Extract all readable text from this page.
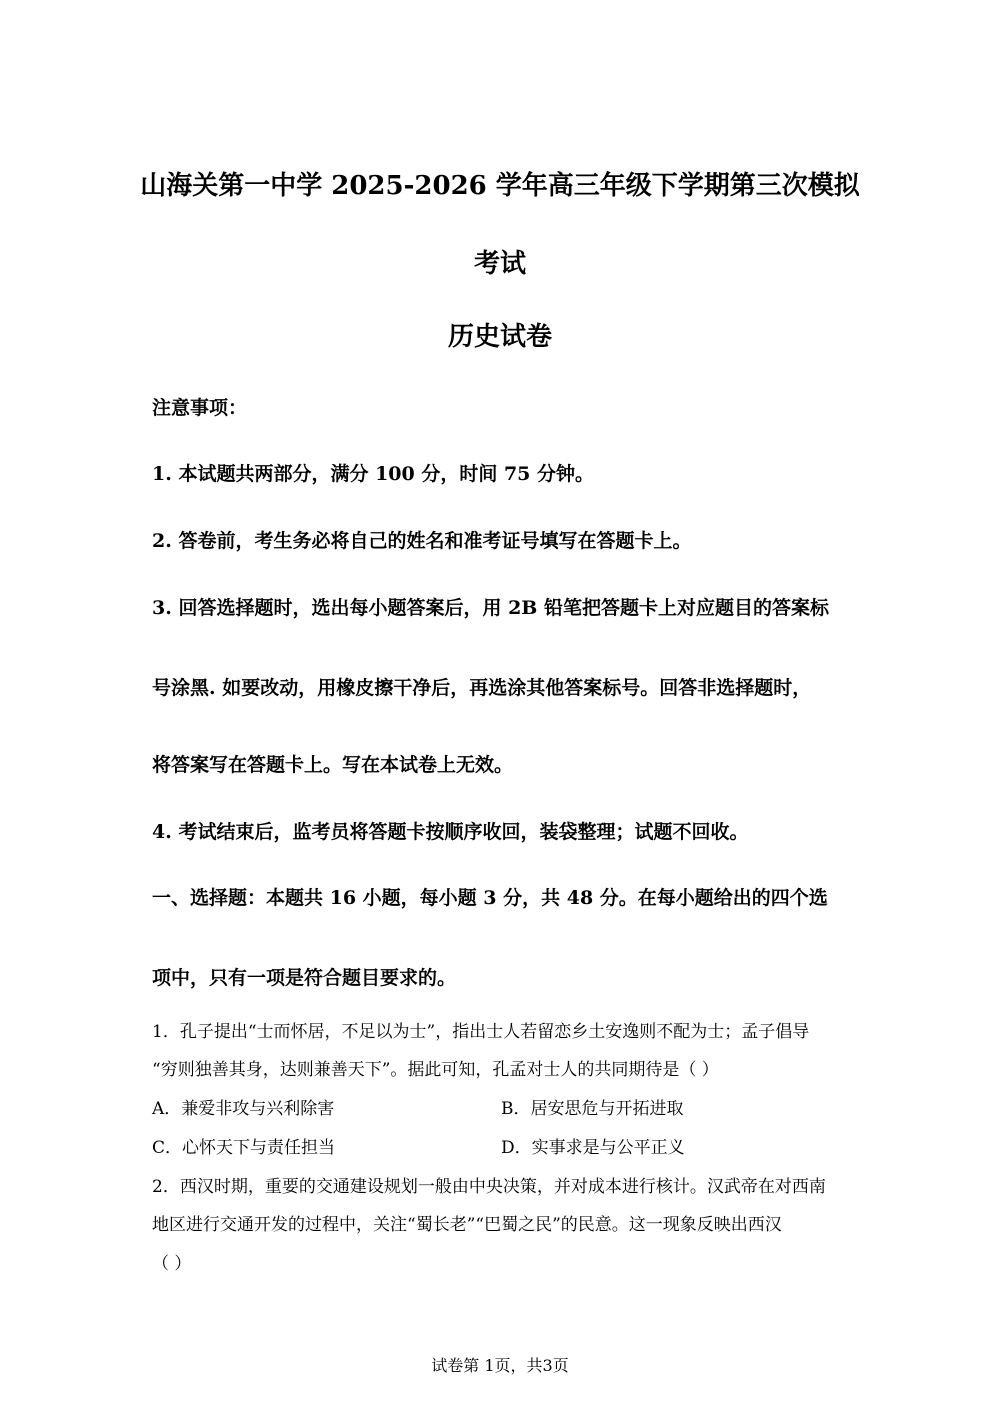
山海关第一中学 2025-2026 学年高三年级下学期第三次模拟
考试
历史试卷
注意事项：
1. 本试题共两部分，满分 100 分，时间 75 分钟。
2. 答卷前，考生务必将自己的姓名和准考证号填写在答题卡上。
3. 回答选择题时，选出每小题答案后，用 2B 铅笔把答题卡上对应题目的答案标
号涂黑. 如要改动，用橡皮擦干净后，再选涂其他答案标号。回答非选择题时，
将答案写在答题卡上。写在本试卷上无效。
4. 考试结束后，监考员将答题卡按顺序收回，装袋整理；试题不回收。
一、选择题：本题共 16 小题，每小题 3 分，共 48 分。在每小题给出的四个选
项中，只有一项是符合题目要求的。
1．孔子提出“士而怀居，不足以为士”，指出士人若留恋乡土安逸则不配为士；孟子倡导
“穷则独善其身，达则兼善天下”。据此可知，孔孟对士人的共同期待是（ ）
A．兼爱非攻与兴利除害	B．居安思危与开拓进取
C．心怀天下与责任担当	D．实事求是与公平正义
2．西汉时期，重要的交通建设规划一般由中央决策，并对成本进行核计。汉武帝在对西南
地区进行交通开发的过程中，关注“蜀长老”“巴蜀之民”的民意。这一现象反映出西汉
（ ）
试卷第 1页，共3页
